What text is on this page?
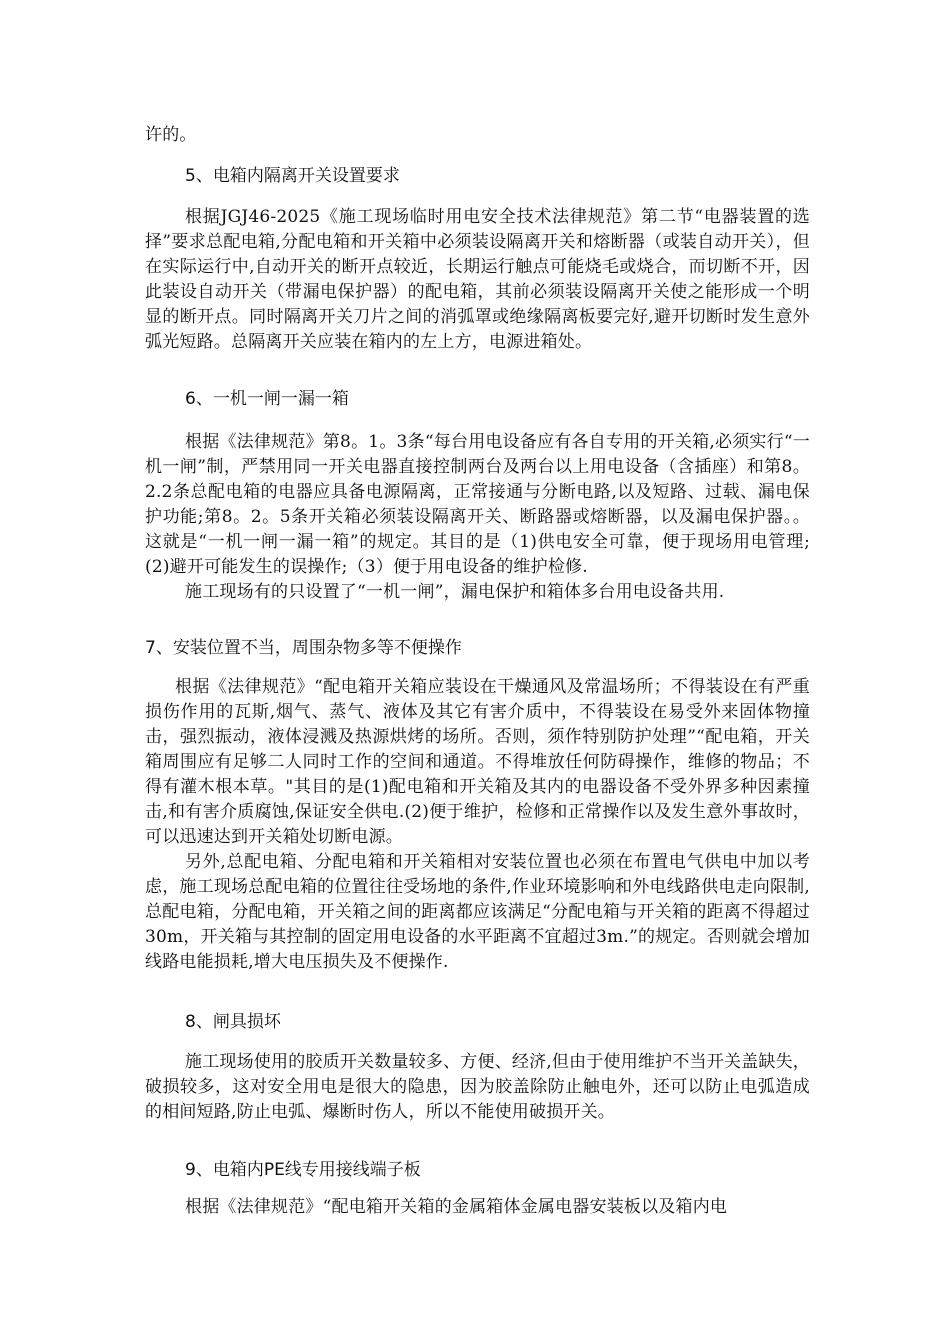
许的。

5、电箱内隔离开关设置要求

根据JGJ46-2025《施工现场临时用电安全技术法律规范》第二节“电器装置的选择”要求总配电箱,分配电箱和开关箱中必须装设隔离开关和熔断器（或装自动开关），但在实际运行中,自动开关的断开点较近，长期运行触点可能烧毛或烧合，而切断不开，因此装设自动开关（带漏电保护器）的配电箱，其前必须装设隔离开关使之能形成一个明显的断开点。同时隔离开关刀片之间的消弧罩或绝缘隔离板要完好,避开切断时发生意外弧光短路。总隔离开关应装在箱内的左上方，电源进箱处。

6、一机一闸一漏一箱

根据《法律规范》第8。1。3条“每台用电设备应有各自专用的开关箱,必须实行“一机一闸”制，严禁用同一开关电器直接控制两台及两台以上用电设备（含插座）和第8。2.2条总配电箱的电器应具备电源隔离，正常接通与分断电路,以及短路、过载、漏电保护功能;第8。2。5条开关箱必须装设隔离开关、断路器或熔断器，以及漏电保护器。。这就是“一机一闸一漏一箱”的规定。其目的是（1)供电安全可靠，便于现场用电管理;(2)避开可能发生的误操作;（3）便于用电设备的维护检修.

施工现场有的只设置了“一机一闸”，漏电保护和箱体多台用电设备共用.

7、安装位置不当，周围杂物多等不便操作

根据《法律规范》“配电箱开关箱应装设在干燥通风及常温场所；不得装设在有严重损伤作用的瓦斯,烟气、蒸气、液体及其它有害介质中，不得装设在易受外来固体物撞击，强烈振动，液体浸溅及热源烘烤的场所。否则，须作特别防护处理”“配电箱，开关箱周围应有足够二人同时工作的空间和通道。不得堆放任何防碍操作，维修的物品；不得有灌木根本草。"其目的是(1)配电箱和开关箱及其内的电器设备不受外界多种因素撞击,和有害介质腐蚀,保证安全供电.(2)便于维护，检修和正常操作以及发生意外事故时，可以迅速达到开关箱处切断电源。

另外,总配电箱、分配电箱和开关箱相对安装位置也必须在布置电气供电中加以考虑，施工现场总配电箱的位置往往受场地的条件,作业环境影响和外电线路供电走向限制,总配电箱，分配电箱，开关箱之间的距离都应该满足“分配电箱与开关箱的距离不得超过30m，开关箱与其控制的固定用电设备的水平距离不宜超过3m.”的规定。否则就会增加线路电能损耗,增大电压损失及不便操作.

8、闸具损坏

施工现场使用的胶质开关数量较多、方便、经济,但由于使用维护不当开关盖缺失，破损较多，这对安全用电是很大的隐患，因为胶盖除防止触电外，还可以防止电弧造成的相间短路,防止电弧、爆断时伤人，所以不能使用破损开关。

9、电箱内PE线专用接线端子板

根据《法律规范》“配电箱开关箱的金属箱体金属电器安装板以及箱内电
